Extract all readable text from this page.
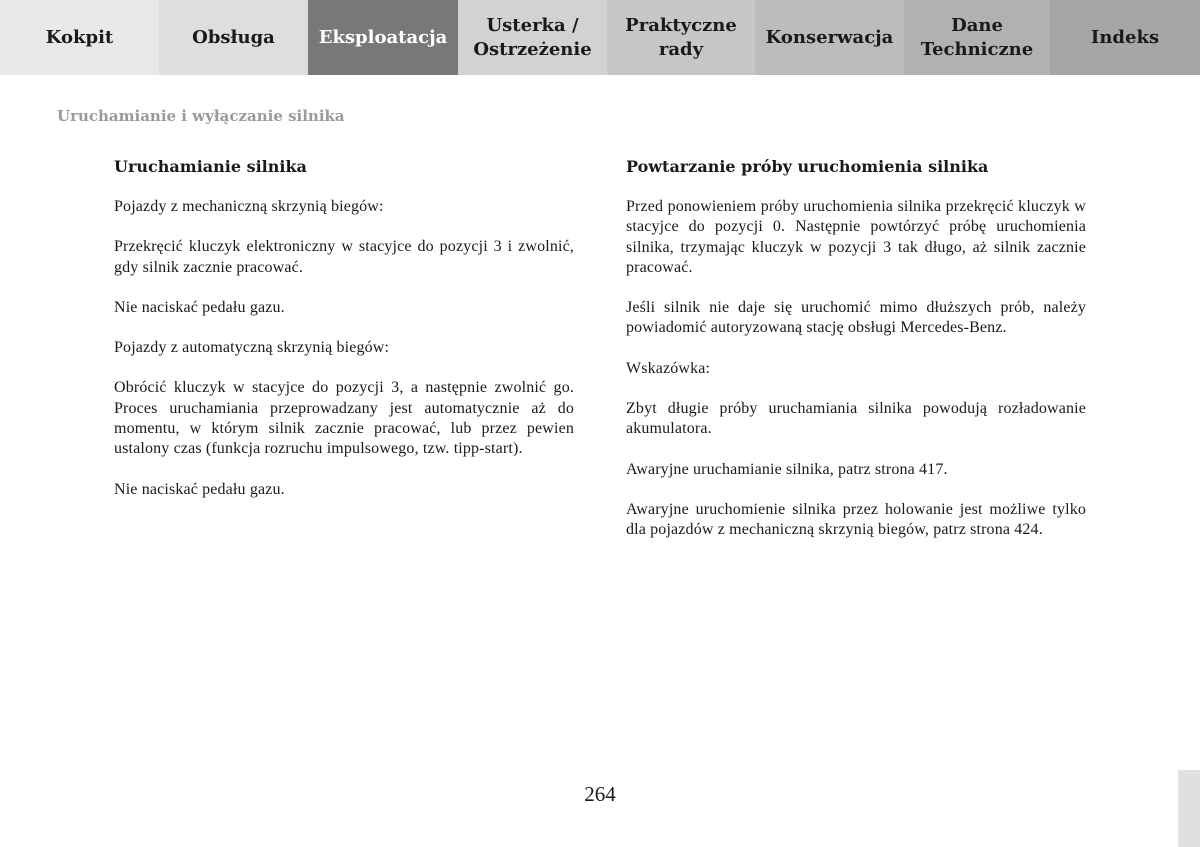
Kokpit	Obsługa Eksploatacja
Usterka /
Ostrzeżenie
Praktyczne
rady
Konserwacja
Dane
Techniczne
Indeks
Uruchamianie i wyłączanie silnika
Uruchamianie silnika

Pojazdy z mechaniczną skrzynią biegów:

Przekręcić kluczyk elektroniczny w stacyjce do pozycji 3 i zwolnić, gdy silnik zacznie pracować.

Nie naciskać pedału gazu.

Pojazdy z automatyczną skrzynią biegów:

Obrócić kluczyk w stacyjce do pozycji 3, a następnie zwolnić go. Proces uruchamiania przeprowadzany jest automatycznie aż do momentu, w którym silnik zacznie pracować, lub przez pewien ustalony czas (funkcja rozruchu impulsowego, tzw. tipp-start).

Nie naciskać pedału gazu.

Powtarzanie próby uruchomienia silnika

Przed ponowieniem próby uruchomienia silnika przekręcić kluczyk w stacyjce do pozycji 0. Następnie powtórzyć próbę uruchomienia silnika, trzymając kluczyk w pozycji 3 tak długo, aż silnik zacznie pracować.

Jeśli silnik nie daje się uruchomić mimo dłuższych prób, należy powiadomić autoryzowaną stację obsługi Mercedes-Benz.

Wskazówka:

Zbyt długie próby uruchamiania silnika powodują rozładowanie akumulatora.

Awaryjne uruchamianie silnika, patrz strona 417.

Awaryjne uruchomienie silnika przez holowanie jest możliwe tylko dla pojazdów z mechaniczną skrzynią biegów, patrz strona 424.

264
